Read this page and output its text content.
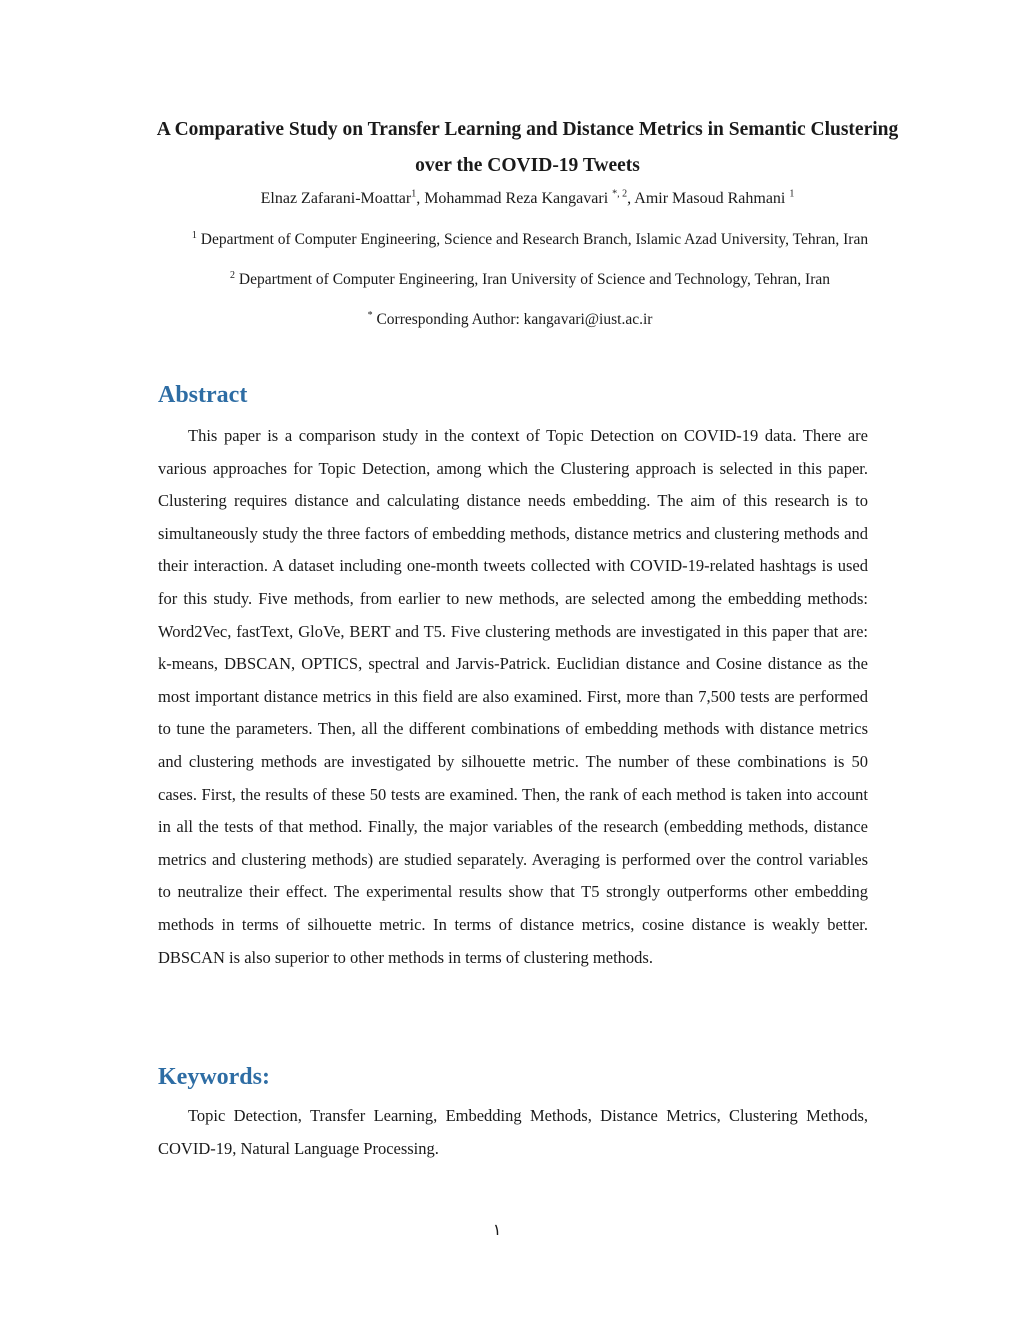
A Comparative Study on Transfer Learning and Distance Metrics in Semantic Clustering over the COVID-19 Tweets

Elnaz Zafarani-Moattar$^1$, Mohammad Reza Kangavari $^{*, 2}$, Amir Masoud Rahmani $^1$

$^1$ Department of Computer Engineering, Science and Research Branch, Islamic Azad University, Tehran, Iran

$^2$ Department of Computer Engineering, Iran University of Science and Technology, Tehran, Iran

* Corresponding Author: kangavari@iust.ac.ir

Abstract

This paper is a comparison study in the context of Topic Detection on COVID-19 data. There are various approaches for Topic Detection, among which the Clustering approach is selected in this paper. Clustering requires distance and calculating distance needs embedding. The aim of this research is to simultaneously study the three factors of embedding methods, distance metrics and clustering methods and their interaction. A dataset including one-month tweets collected with COVID-19-related hashtags is used for this study. Five methods, from earlier to new methods, are selected among the embedding methods: Word2Vec, fastText, GloVe, BERT and T5. Five clustering methods are investigated in this paper that are: k-means, DBSCAN, OPTICS, spectral and Jarvis-Patrick. Euclidian distance and Cosine distance as the most important distance metrics in this field are also examined. First, more than 7,500 tests are performed to tune the parameters. Then, all the different combinations of embedding methods with distance metrics and clustering methods are investigated by silhouette metric. The number of these combinations is 50 cases. First, the results of these 50 tests are examined. Then, the rank of each method is taken into account in all the tests of that method. Finally, the major variables of the research (embedding methods, distance metrics and clustering methods) are studied separately. Averaging is performed over the control variables to neutralize their effect. The experimental results show that T5 strongly outperforms other embedding methods in terms of silhouette metric. In terms of distance metrics, cosine distance is weakly better. DBSCAN is also superior to other methods in terms of clustering methods.

Keywords:

Topic Detection, Transfer Learning, Embedding Methods, Distance Metrics, Clustering Methods, COVID-19, Natural Language Processing.

١
